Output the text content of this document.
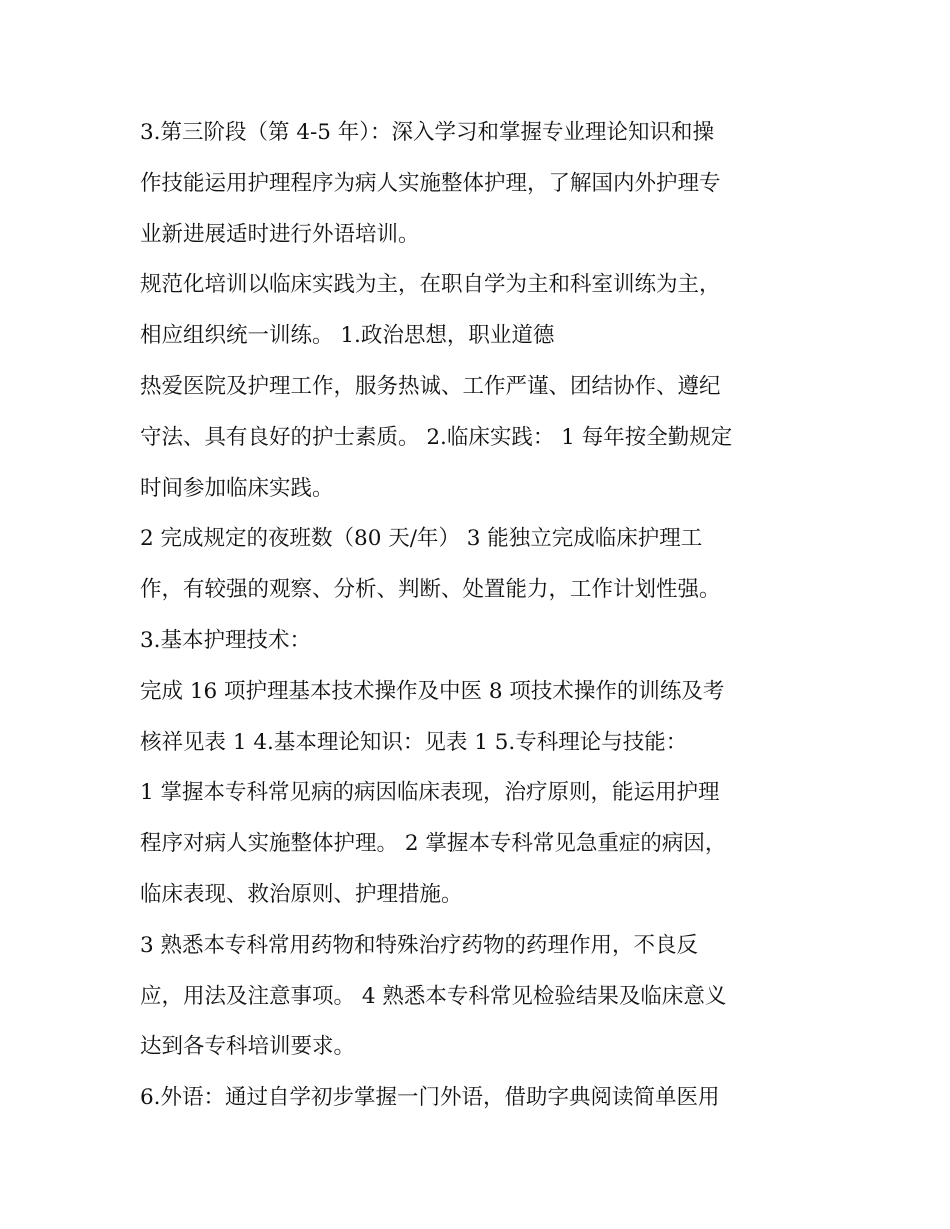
3.第三阶段（第 4-5 年）：深入学习和掌握专业理论知识和操
作技能运用护理程序为病人实施整体护理，了解国内外护理专
业新进展适时进行外语培训。
规范化培训以临床实践为主，在职自学为主和科室训练为主，
相应组织统一训练。 1.政治思想，职业道德
热爱医院及护理工作，服务热诚、工作严谨、团结协作、遵纪
守法、具有良好的护士素质。 2.临床实践： 1 每年按全勤规定
时间参加临床实践。
2 完成规定的夜班数（80 天/年） 3 能独立完成临床护理工
作，有较强的观察、分析、判断、处置能力，工作计划性强。
3.基本护理技术：
完成 16 项护理基本技术操作及中医 8 项技术操作的训练及考
核祥见表 1 4.基本理论知识：见表 1 5.专科理论与技能：
1 掌握本专科常见病的病因临床表现，治疗原则，能运用护理
程序对病人实施整体护理。 2 掌握本专科常见急重症的病因，
临床表现、救治原则、护理措施。
3 熟悉本专科常用药物和特殊治疗药物的药理作用，不良反
应，用法及注意事项。 4 熟悉本专科常见检验结果及临床意义
达到各专科培训要求。
6.外语：通过自学初步掌握一门外语，借助字典阅读简单医用
